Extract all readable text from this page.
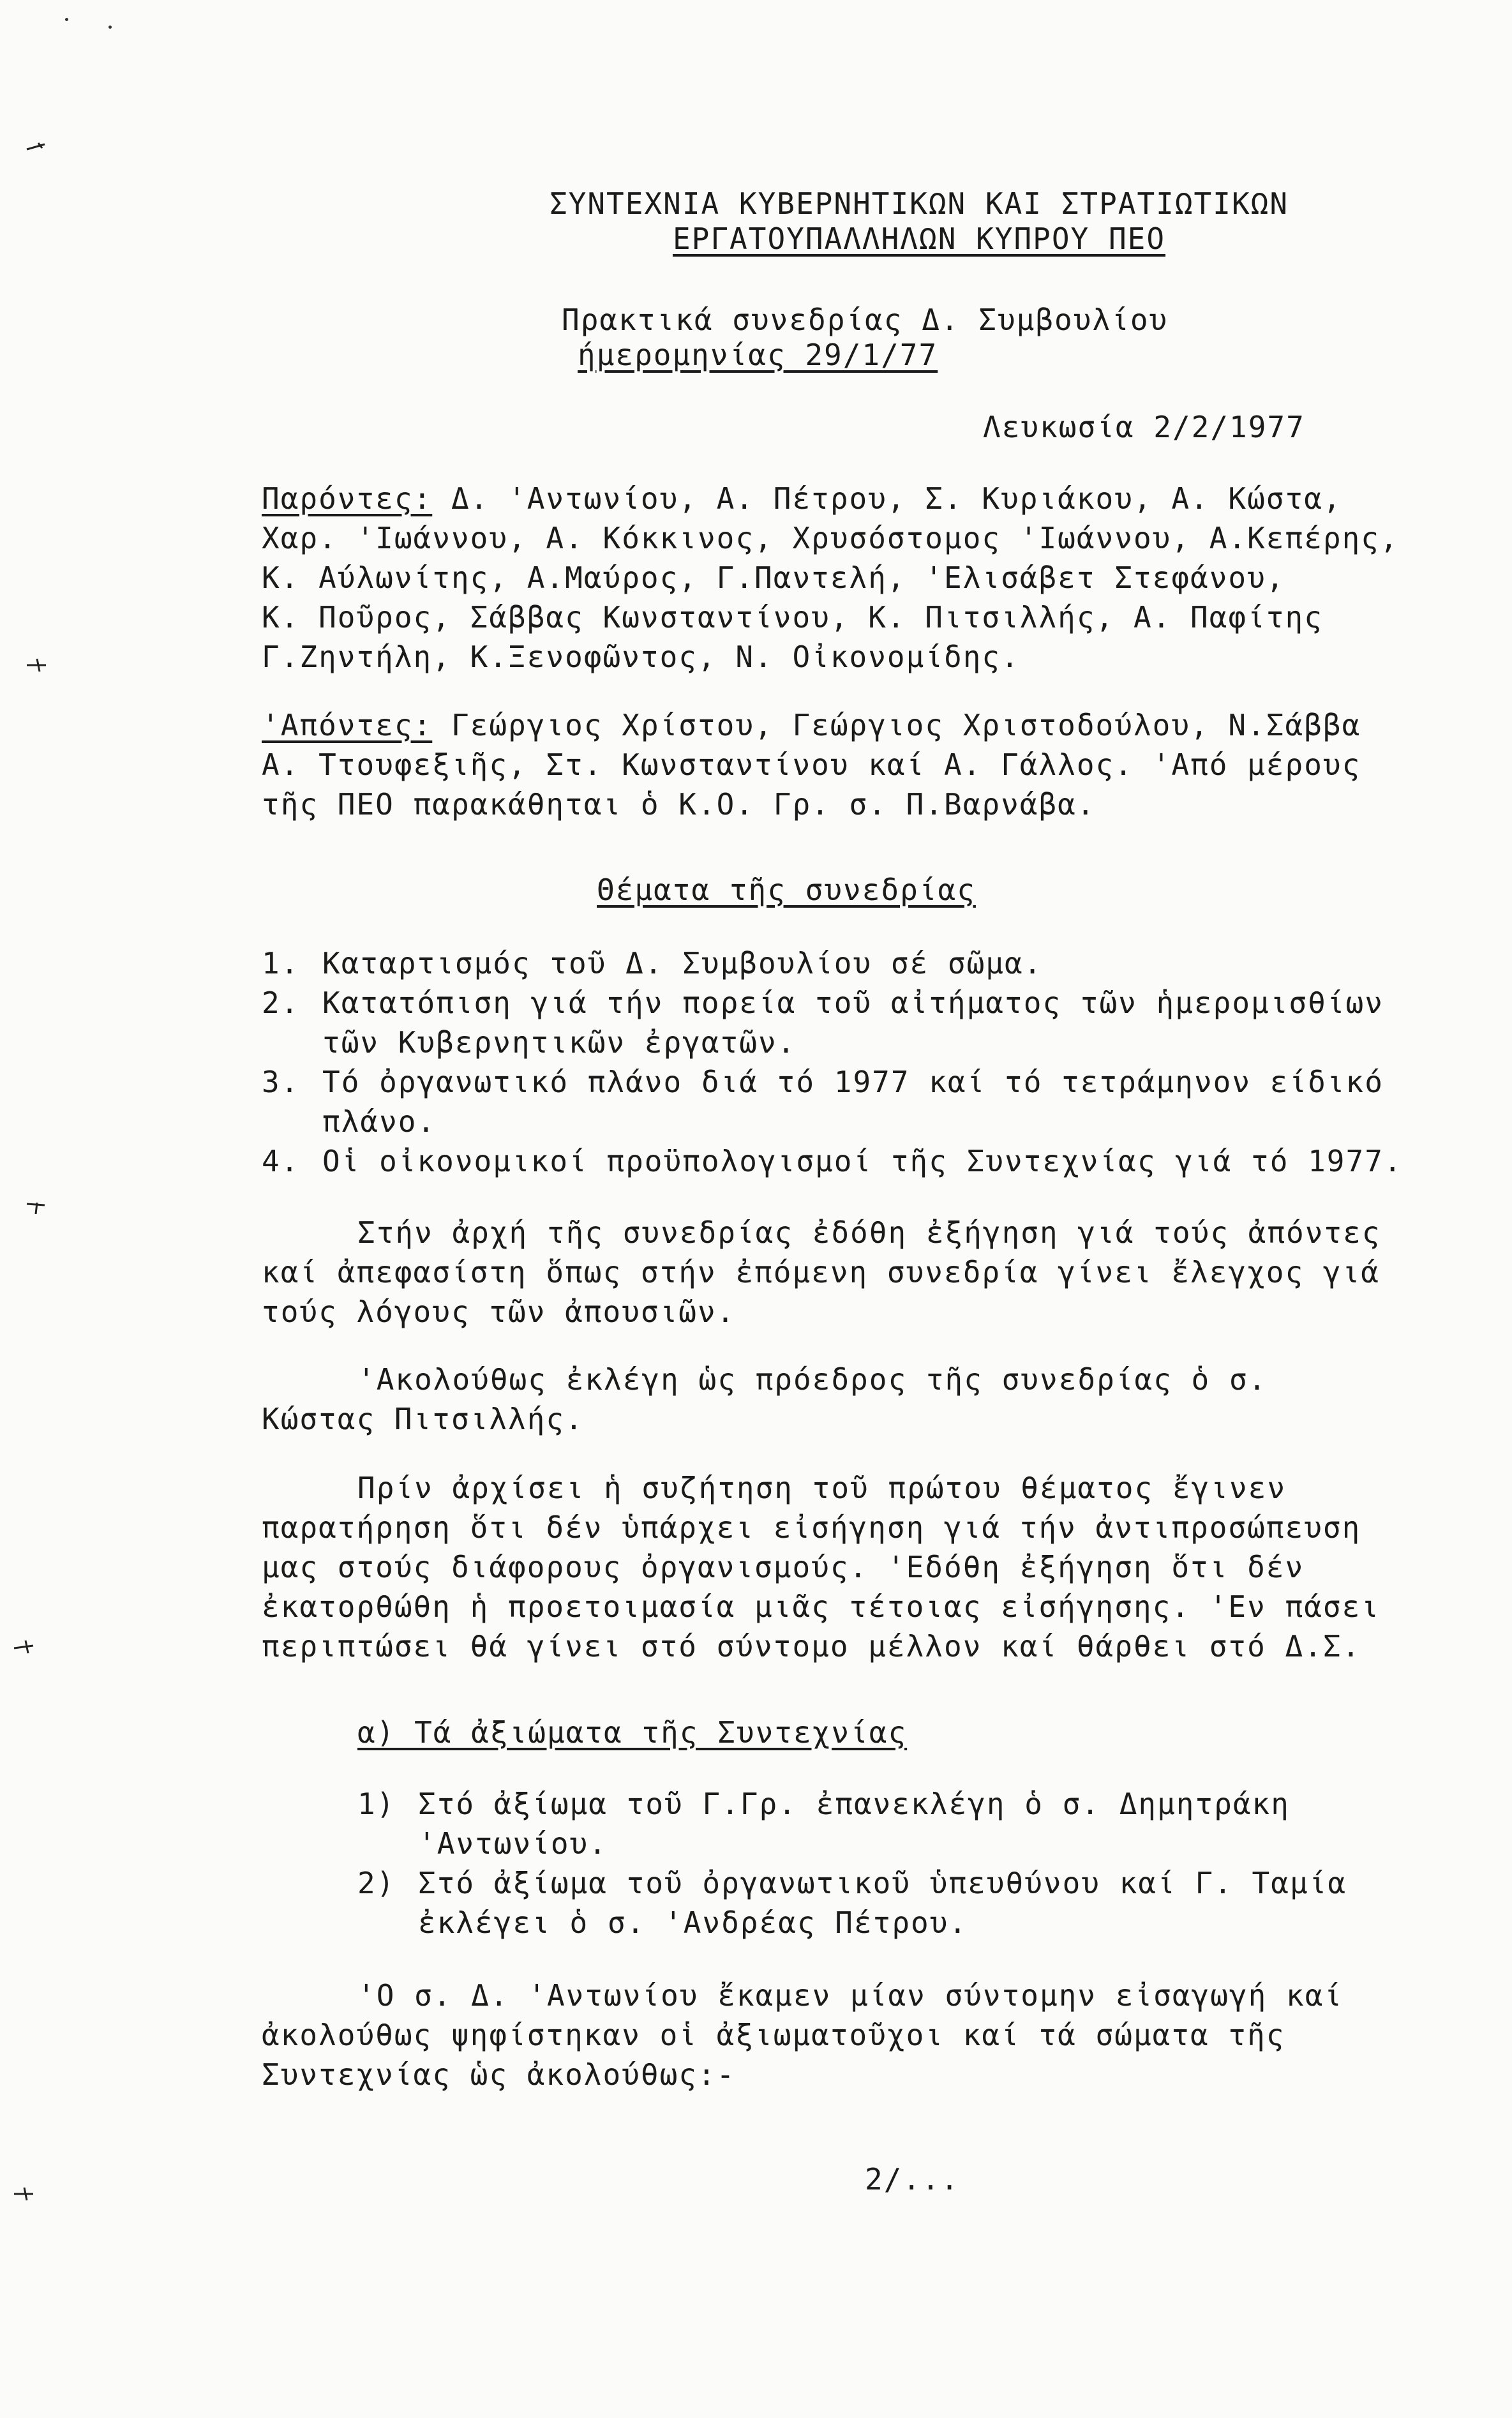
ΣΥΝΤΕΧΝΙΑ ΚΥΒΕΡΝΗΤΙΚΩΝ ΚΑΙ ΣΤΡΑΤΙΩΤΙΚΩΝ
ΕΡΓΑΤΟΥΠΑΛΛΗΛΩΝ ΚΥΠΡΟΥ ΠΕΟ
Πρακτικά συνεδρίας Δ. Συμβουλίου
ήμερομηνίας 29/1/77
Λευκωσία 2/2/1977
Παρόντες: Δ. 'Αντωνίου, Α. Πέτρου, Σ. Κυριάκου, Α. Κώστα,
Χαρ. 'Ιωάννου, Α. Κόκκινος, Χρυσόστομος 'Ιωάννου, Α.Κεπέρης,
Κ. Αύλωνίτης, Α.Μαύρος, Γ.Παντελή, 'Ελισάβετ Στεφάνου,
Κ. Ποῦρος, Σάββας Κωνσταντίνου, Κ. Πιτσιλλής, Α. Παφίτης
Γ.Ζηντήλη, Κ.Ξενοφῶντος, Ν. Οἰκονομίδης.
'Απόντες: Γεώργιος Χρίστου, Γεώργιος Χριστοδούλου, Ν.Σάββα
Α. Ττουφεξιῆς, Στ. Κωνσταντίνου καί Α. Γάλλος. 'Από μέρους
τῆς ΠΕΟ παρακάθηται ὁ Κ.Ο. Γρ. σ. Π.Βαρνάβα.
Θέματα τῆς συνεδρίας
1. Καταρτισμός τοῦ Δ. Συμβουλίου σέ σῶμα.
2. Κατατόπιση γιά τήν πορεία τοῦ αἰτήματος τῶν ἡμερομισθίων
τῶν Κυβερνητικῶν ἐργατῶν.
3. Τό ὀργανωτικό πλάνο διά τό 1977 καί τό τετράμηνον είδικό
πλάνο.
4. Οἱ οἰκονομικοί προϋπολογισμοί τῆς Συντεχνίας γιά τό 1977.
Στήν ἀρχή τῆς συνεδρίας ἐδόθη ἐξήγηση γιά τούς ἀπόντες
καί ἀπεφασίστη ὅπως στήν ἐπόμενη συνεδρία γίνει ἔλεγχος γιά
τούς λόγους τῶν ἀπουσιῶν.
'Ακολούθως ἐκλέγη ὡς πρόεδρος τῆς συνεδρίας ὁ σ.
Κώστας Πιτσιλλής.
Πρίν ἀρχίσει ἡ συζήτηση τοῦ πρώτου θέματος ἔγινεν
παρατήρηση ὅτι δέν ὑπάρχει εἰσήγηση γιά τήν ἀντιπροσώπευση
μας στούς διάφορους ὀργανισμούς. 'Εδόθη ἐξήγηση ὅτι δέν
ἐκατορθώθη ἡ προετοιμασία μιᾶς τέτοιας εἰσήγησης. 'Εν πάσει
περιπτώσει θά γίνει στό σύντομο μέλλον καί θάρθει στό Δ.Σ.
α) Τά ἀξιώματα τῆς Συντεχνίας
1) Στό ἀξίωμα τοῦ Γ.Γρ. ἐπανεκλέγη ὁ σ. Δημητράκη
'Αντωνίου.
2) Στό ἀξίωμα τοῦ ὀργανωτικοῦ ὑπευθύνου καί Γ. Ταμία
ἐκλέγει ὁ σ. 'Ανδρέας Πέτρου.
'Ο σ. Δ. 'Αντωνίου ἔκαμεν μίαν σύντομην εἰσαγωγή καί
ἀκολούθως ψηφίστηκαν οἱ ἀξιωματοῦχοι καί τά σώματα τῆς
Συντεχνίας ὡς ἀκολούθως:-
2/...
